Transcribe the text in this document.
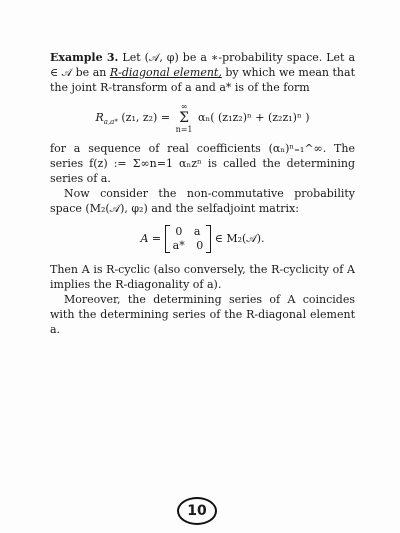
Example 3. Let (𝒜, φ) be a ∗-probability space. Let a ∈ 𝒜 be an R-diagonal element, by which we mean that the joint R-transform of a and a* is of the form

$R_{a,a*}$ (z₁, z₂) =
∞
Σ
n=1
αₙ( (z₁z₂)ⁿ + (z₂z₁)ⁿ )

for a sequence of real coefficients (αₙ)ⁿ₌₁^∞. The series f(z) := Σ∞n=1 αₙzⁿ is called the determining series of a.

Now consider the non-commutative probability space (M₂(𝒜), φ₂) and the selfadjoint matrix:

A =
0 a
a* 0
∈ M₂(𝒜).

Then A is R-cyclic (also conversely, the R-cyclicity of A implies the R-diagonality of a).

Moreover, the determining series of A coincides with the determining series of the R-diagonal element a.

10
